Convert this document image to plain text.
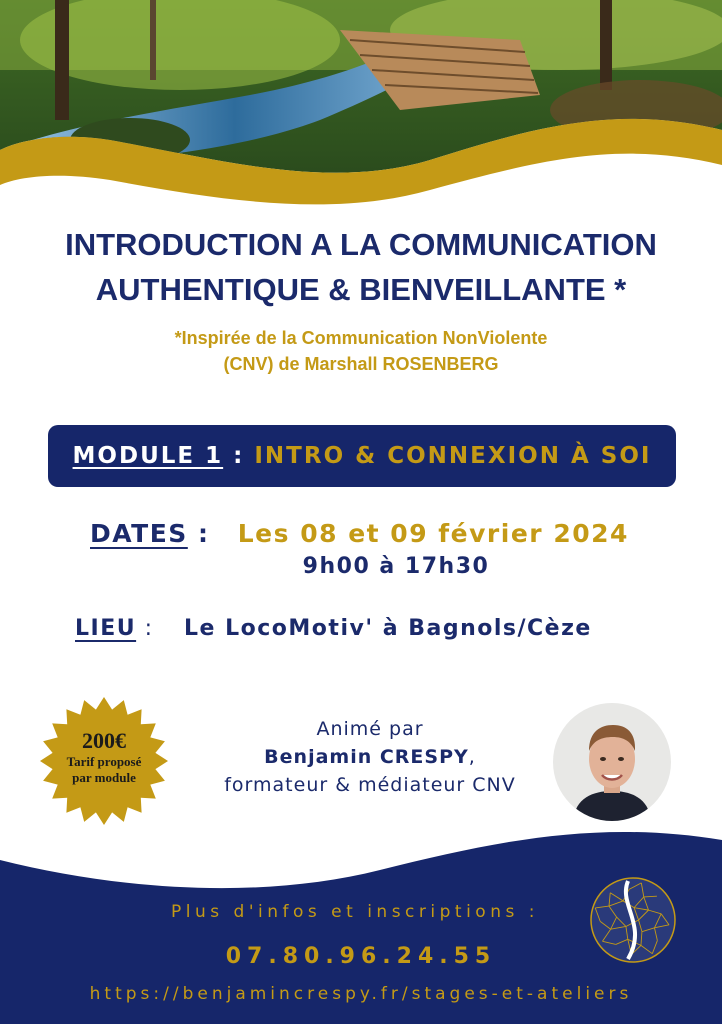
INTRODUCTION A LA COMMUNICATION
AUTHENTIQUE & BIENVEILLANTE *
*Inspirée de la Communication NonViolente
(CNV) de Marshall ROSENBERG
MODULE 1 : INTRO & CONNEXION À SOI
DATES : Les 08 et 09 février 2024
9h00 à 17h30
LIEU : Le LocoMotiv' à Bagnols/Cèze
200€
Tarif proposé
par module
Animé par
Benjamin CRESPY,
formateur & médiateur CNV
Plus d'infos et inscriptions :
07.80.96.24.55
https://benjamincrespy.fr/stages-et-ateliers
